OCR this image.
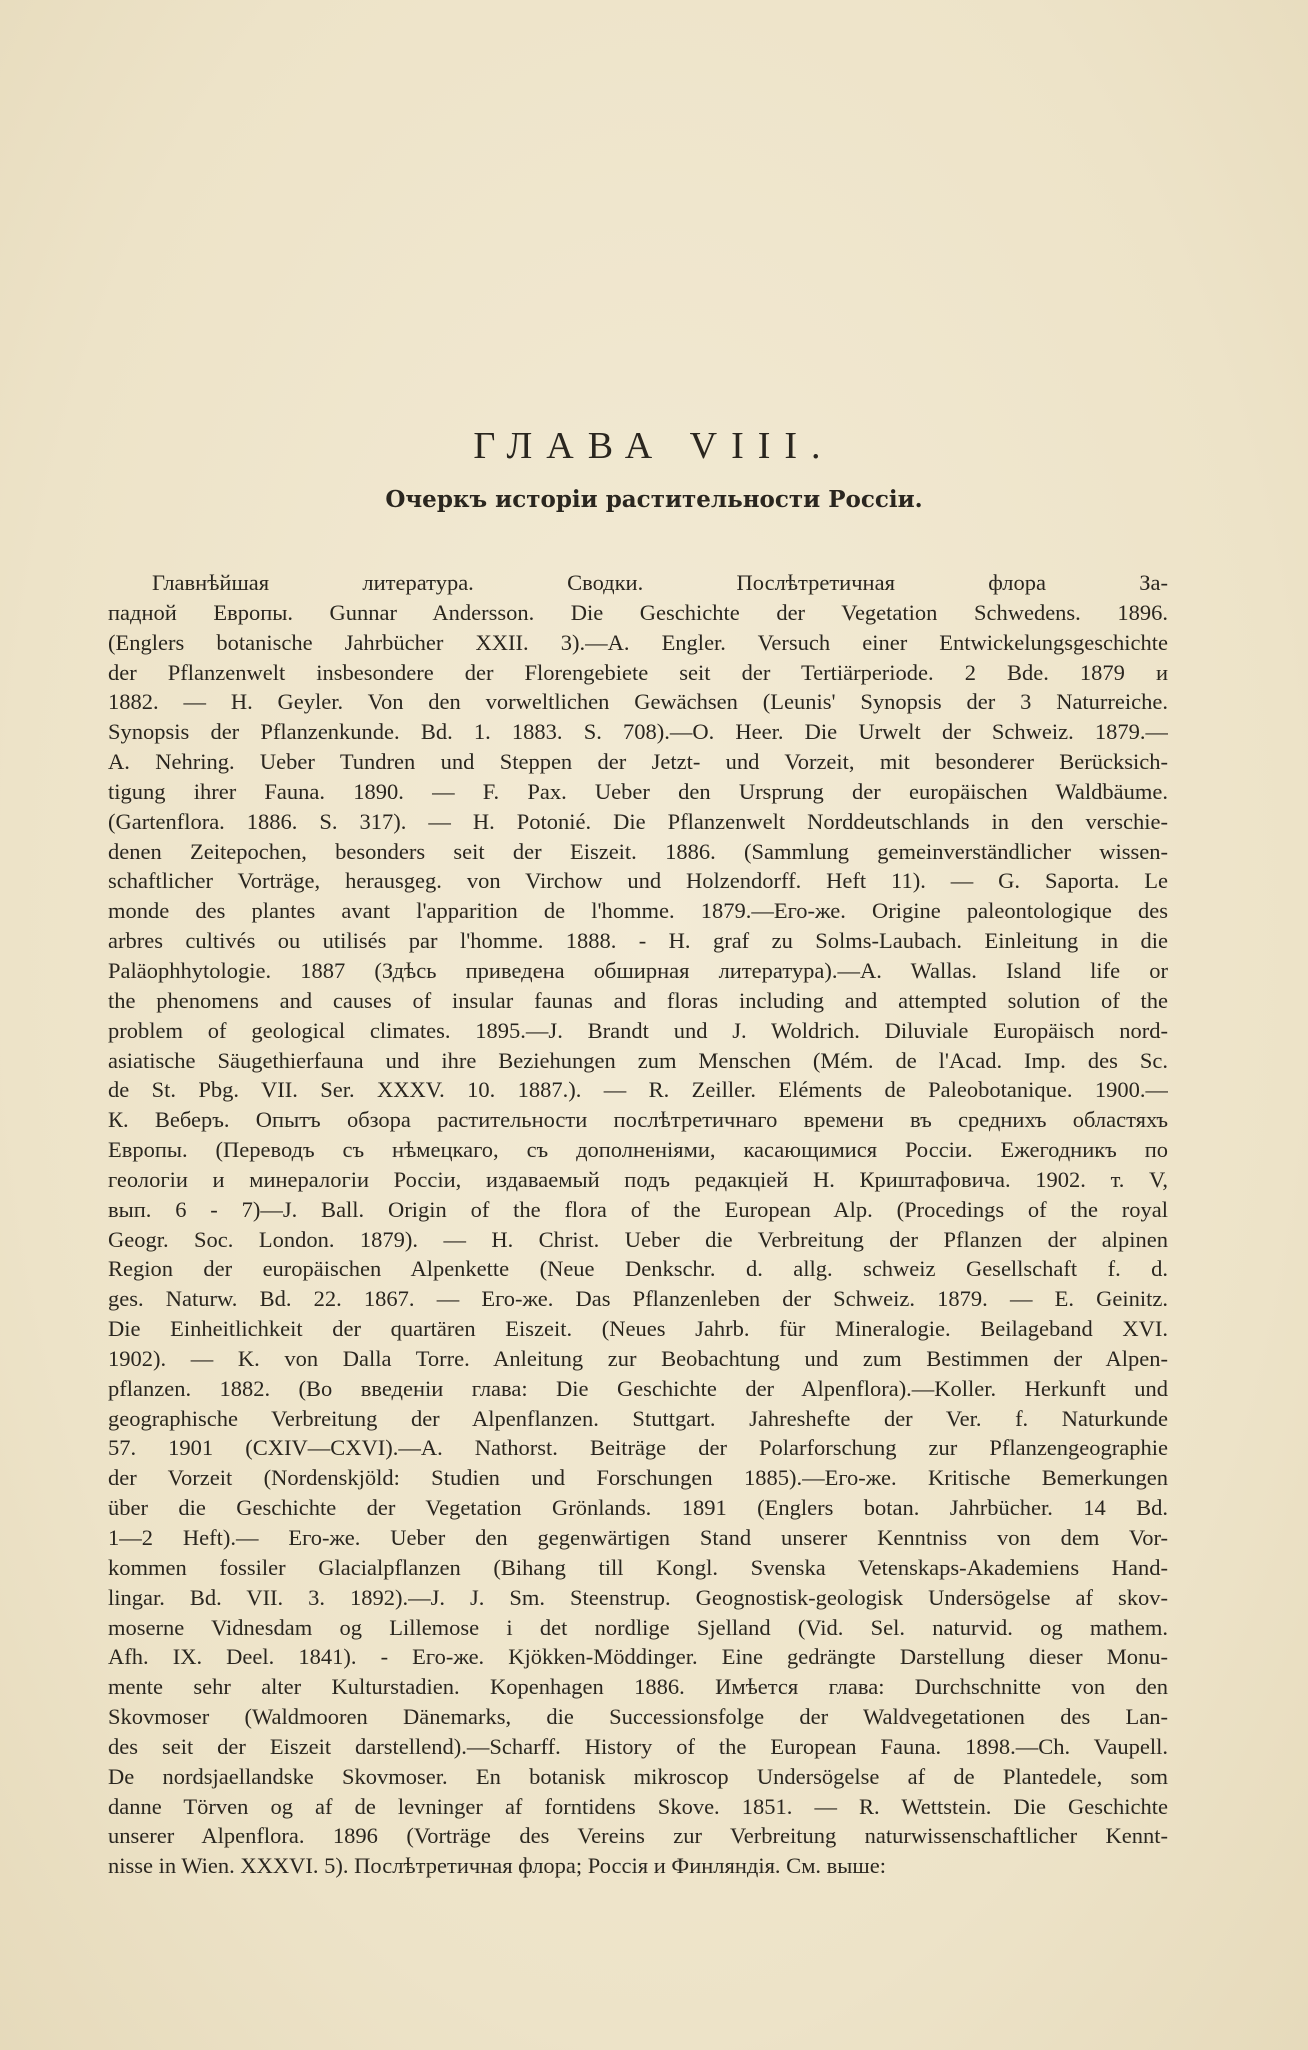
ГЛАВА VIII.
Очеркъ исторіи растительности Россіи.
Главнѣйшая литература. Сводки. Послѣтретичная флора За-
падной Европы. Gunnar Andersson. Die Geschichte der Vegetation Schwedens. 1896.
(Englers botanische Jahrbücher XXII. 3).—A. Engler. Versuch einer Entwickelungsgeschichte
der Pflanzenwelt insbesondere der Florengebiete seit der Tertiärperiode. 2 Bde. 1879 и
1882. — H. Geyler. Von den vorweltlichen Gewächsen (Leunis' Synopsis der 3 Naturreiche.
Synopsis der Pflanzenkunde. Bd. 1. 1883. S. 708).—O. Heer. Die Urwelt der Schweiz. 1879.—
A. Nehring. Ueber Tundren und Steppen der Jetzt- und Vorzeit, mit besonderer Berücksich-
tigung ihrer Fauna. 1890. — F. Pax. Ueber den Ursprung der europäischen Waldbäume.
(Gartenflora. 1886. S. 317). — H. Potonié. Die Pflanzenwelt Norddeutschlands in den verschie-
denen Zeitepochen, besonders seit der Eiszeit. 1886. (Sammlung gemeinverständlicher wissen-
schaftlicher Vorträge, herausgeg. von Virchow und Holzendorff. Heft 11). — G. Saporta. Le
monde des plantes avant l'apparition de l'homme. 1879.—Его-же. Origine paleontologique des
arbres cultivés ou utilisés par l'homme. 1888. - H. graf zu Solms-Laubach. Einleitung in die
Paläophhytologie. 1887 (Здѣсь приведена обширная литература).—A. Wallas. Island life or
the phenomens and causes of insular faunas and floras including and attempted solution of the
problem of geological climates. 1895.—J. Brandt und J. Woldrich. Diluviale Europäisch nord-
asiatische Säugethierfauna und ihre Beziehungen zum Menschen (Mém. de l'Acad. Imp. des Sc.
de St. Pbg. VII. Ser. XXXV. 10. 1887.). — R. Zeiller. Eléments de Paleobotanique. 1900.—
К. Веберъ. Опытъ обзора растительности послѣтретичнаго времени въ среднихъ областяхъ
Европы. (Переводъ съ нѣмецкаго, съ дополненіями, касающимися Россіи. Ежегодникъ по
геологіи и минералогіи Россіи, издаваемый подъ редакціей Н. Криштафовича. 1902. т. V,
вып. 6 - 7)—J. Ball. Origin of the flora of the European Alp. (Procedings of the royal
Geogr. Soc. London. 1879). — H. Christ. Ueber die Verbreitung der Pflanzen der alpinen
Region der europäischen Alpenkette (Neue Denkschr. d. allg. schweiz Gesellschaft f. d.
ges. Naturw. Bd. 22. 1867. — Его-же. Das Pflanzenleben der Schweiz. 1879. — E. Geinitz.
Die Einheitlichkeit der quartären Eiszeit. (Neues Jahrb. für Mineralogie. Beilageband XVI.
1902). — K. von Dalla Torre. Anleitung zur Beobachtung und zum Bestimmen der Alpen-
pflanzen. 1882. (Во введеніи глава: Die Geschichte der Alpenflora).—Koller. Herkunft und
geographische Verbreitung der Alpenflanzen. Stuttgart. Jahreshefte der Ver. f. Naturkunde
57. 1901 (CXIV—CXVI).—A. Nathorst. Beiträge der Polarforschung zur Pflanzengeographie
der Vorzeit (Nordenskjöld: Studien und Forschungen 1885).—Его-же. Kritische Bemerkungen
über die Geschichte der Vegetation Grönlands. 1891 (Englers botan. Jahrbücher. 14 Bd.
1—2 Heft).— Его-же. Ueber den gegenwärtigen Stand unserer Kenntniss von dem Vor-
kommen fossiler Glacialpflanzen (Bihang till Kongl. Svenska Vetenskaps-Akademiens Hand-
lingar. Bd. VII. 3. 1892).—J. J. Sm. Steenstrup. Geognostisk-geologisk Undersögelse af skov-
moserne Vidnesdam og Lillemose i det nordlige Sjelland (Vid. Sel. naturvid. og mathem.
Afh. IX. Deel. 1841). - Его-же. Kjökken-Möddinger. Eine gedrängte Darstellung dieser Monu-
mente sehr alter Kulturstadien. Kopenhagen 1886. Имѣется глава: Durchschnitte von den
Skovmoser (Waldmooren Dänemarks, die Successionsfolge der Waldvegetationen des Lan-
des seit der Eiszeit darstellend).—Scharff. History of the European Fauna. 1898.—Ch. Vaupell.
De nordsjaellandske Skovmoser. En botanisk mikroscop Undersögelse af de Plantedele, som
danne Törven og af de levninger af forntidens Skove. 1851. — R. Wettstein. Die Geschichte
unserer Alpenflora. 1896 (Vorträge des Vereins zur Verbreitung naturwissenschaftlicher Kennt-
nisse in Wien. XXXVI. 5). Послѣтретичная флора; Россія и Финляндія. См. выше:
